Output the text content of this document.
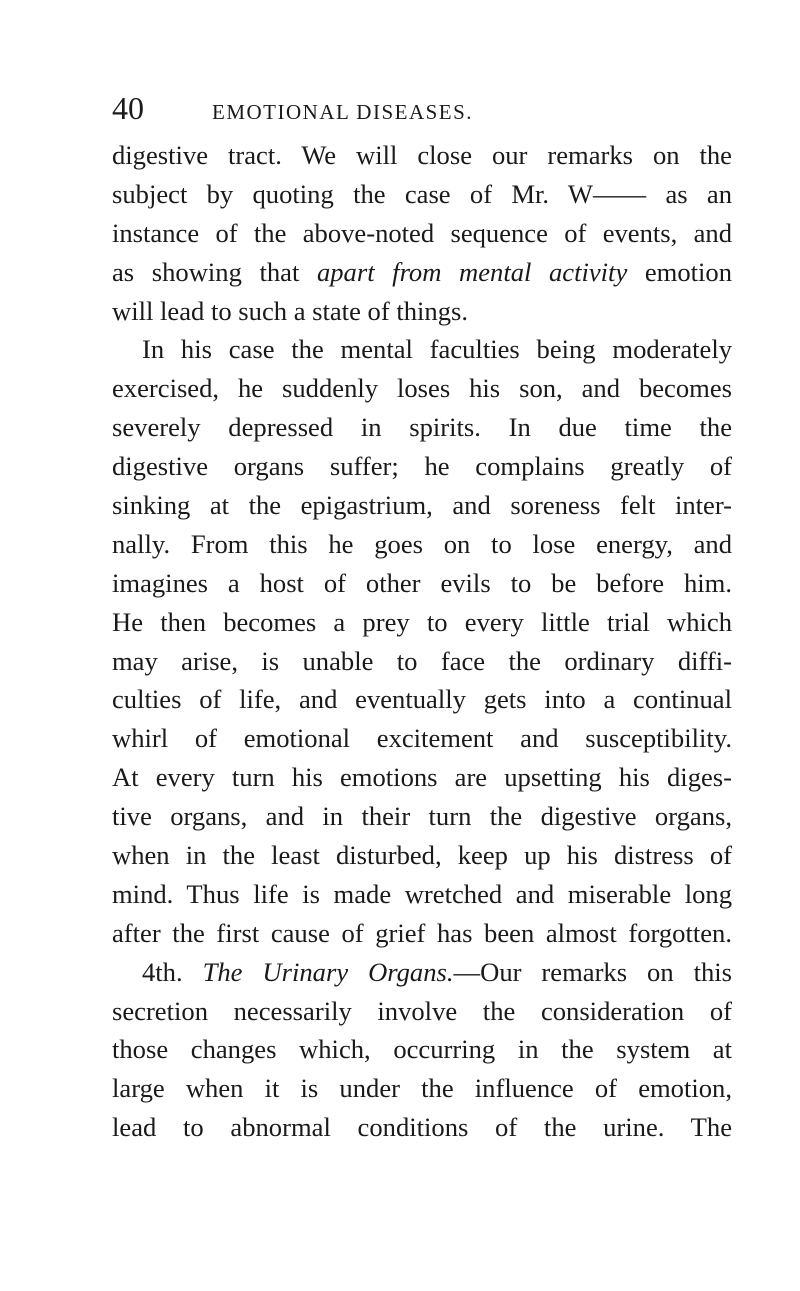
40	EMOTIONAL DISEASES.
digestive tract. We will close our remarks on the
subject by quoting the case of Mr. W—— as an
instance of the above-noted sequence of events, and
as showing that apart from mental activity emotion
will lead to such a state of things.
In his case the mental faculties being moderately
exercised, he suddenly loses his son, and becomes
severely depressed in spirits. In due time the
digestive organs suffer; he complains greatly of
sinking at the epigastrium, and soreness felt inter-
nally. From this he goes on to lose energy, and
imagines a host of other evils to be before him.
He then becomes a prey to every little trial which
may arise, is unable to face the ordinary diffi-
culties of life, and eventually gets into a continual
whirl of emotional excitement and susceptibility.
At every turn his emotions are upsetting his diges-
tive organs, and in their turn the digestive organs,
when in the least disturbed, keep up his distress of
mind. Thus life is made wretched and miserable long
after the first cause of grief has been almost forgotten.
4th. The Urinary Organs.—Our remarks on this
secretion necessarily involve the consideration of
those changes which, occurring in the system at
large when it is under the influence of emotion,
lead to abnormal conditions of the urine. The
